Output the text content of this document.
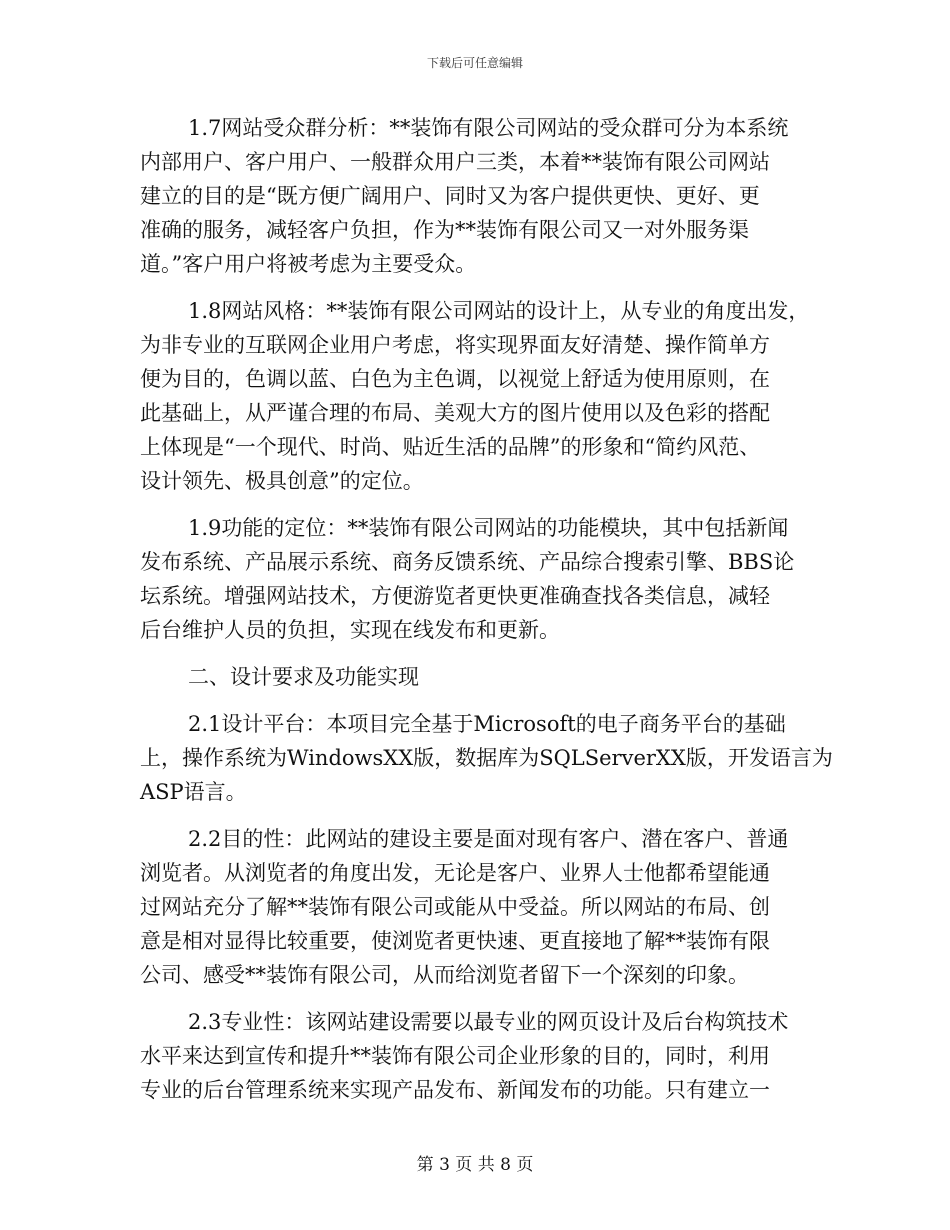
下载后可任意编辑
1.7网站受众群分析：**装饰有限公司网站的受众群可分为本系统
内部用户、客户用户、一般群众用户三类，本着**装饰有限公司网站
建立的目的是“既方便广阔用户、同时又为客户提供更快、更好、更
准确的服务，减轻客户负担，作为**装饰有限公司又一对外服务渠
道。”客户用户将被考虑为主要受众。
1.8网站风格：**装饰有限公司网站的设计上，从专业的角度出发，
为非专业的互联网企业用户考虑，将实现界面友好清楚、操作简单方
便为目的，色调以蓝、白色为主色调，以视觉上舒适为使用原则，在
此基础上，从严谨合理的布局、美观大方的图片使用以及色彩的搭配
上体现是“一个现代、时尚、贴近生活的品牌”的形象和“简约风范、
设计领先、极具创意”的定位。
1.9功能的定位：**装饰有限公司网站的功能模块，其中包括新闻
发布系统、产品展示系统、商务反馈系统、产品综合搜索引擎、BBS论
坛系统。增强网站技术，方便游览者更快更准确查找各类信息，减轻
后台维护人员的负担，实现在线发布和更新。
二、设计要求及功能实现
2.1设计平台：本项目完全基于Microsoft的电子商务平台的基础
上，操作系统为WindowsXX版，数据库为SQLServerXX版，开发语言为
ASP语言。
2.2目的性：此网站的建设主要是面对现有客户、潜在客户、普通
浏览者。从浏览者的角度出发，无论是客户、业界人士他都希望能通
过网站充分了解**装饰有限公司或能从中受益。所以网站的布局、创
意是相对显得比较重要，使浏览者更快速、更直接地了解**装饰有限
公司、感受**装饰有限公司，从而给浏览者留下一个深刻的印象。
2.3专业性：该网站建设需要以最专业的网页设计及后台构筑技术
水平来达到宣传和提升**装饰有限公司企业形象的目的，同时，利用
专业的后台管理系统来实现产品发布、新闻发布的功能。只有建立一
第 3 页 共 8 页
